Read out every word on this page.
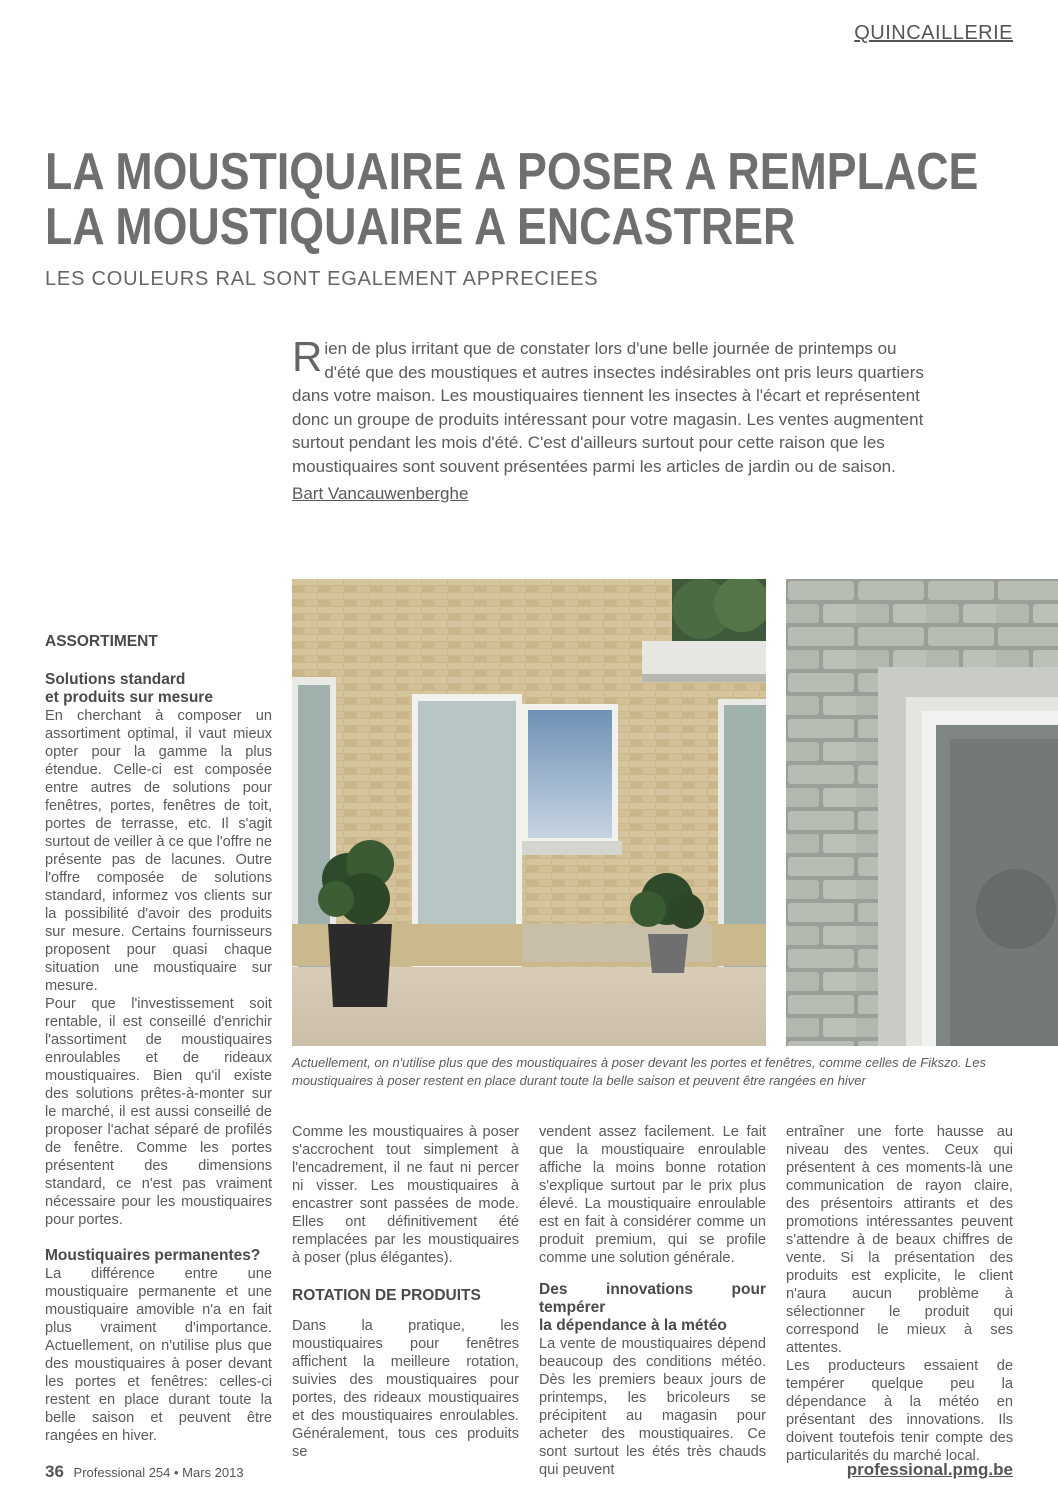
QUINCAILLERIE
LA MOUSTIQUAIRE A POSER A REMPLACE
LA MOUSTIQUAIRE A ENCASTRER
LES COULEURS RAL SONT EGALEMENT APPRECIEES
Rien de plus irritant que de constater lors d'une belle journée de printemps ou d'été que des moustiques et autres insectes indésirables ont pris leurs quartiers dans votre maison. Les moustiquaires tiennent les insectes à l'écart et représentent donc un groupe de produits intéressant pour votre magasin. Les ventes augmentent surtout pendant les mois d'été. C'est d'ailleurs surtout pour cette raison que les moustiquaires sont souvent présentées parmi les articles de jardin ou de saison.
Bart Vancauwenberghe
Actuellement, on n'utilise plus que des moustiquaires à poser devant les portes et fenêtres, comme celles de Fikszo. Les moustiquaires à poser restent en place durant toute la belle saison et peuvent être rangées en hiver
ASSORTIMENT
Solutions standard
et produits sur mesure

En cherchant à composer un assortiment optimal, il vaut mieux opter pour la gamme la plus étendue. Celle-ci est composée entre autres de solutions pour fenêtres, portes, fenêtres de toit, portes de terrasse, etc. Il s'agit surtout de veiller à ce que l'offre ne présente pas de lacunes. Outre l'offre composée de solutions standard, informez vos clients sur la possibilité d'avoir des produits sur mesure. Certains fournisseurs proposent pour quasi chaque situation une moustiquaire sur mesure.

Pour que l'investissement soit rentable, il est conseillé d'enrichir l'assortiment de moustiquaires enroulables et de rideaux moustiquaires. Bien qu'il existe des solutions prêtes-à-monter sur le marché, il est aussi conseillé de proposer l'achat séparé de profilés de fenêtre. Comme les portes présentent des dimensions standard, ce n'est pas vraiment nécessaire pour les moustiquaires pour portes.

Moustiquaires permanentes?

La différence entre une moustiquaire permanente et une moustiquaire amovible n'a en fait plus vraiment d'importance. Actuellement, on n'utilise plus que des moustiquaires à poser devant les portes et fenêtres: celles-ci restent en place durant toute la belle saison et peuvent être rangées en hiver.

Comme les moustiquaires à poser s'accrochent tout simplement à l'encadrement, il ne faut ni percer ni visser. Les moustiquaires à encastrer sont passées de mode. Elles ont définitivement été remplacées par les moustiquaires à poser (plus élégantes).

ROTATION DE PRODUITS

Dans la pratique, les moustiquaires pour fenêtres affichent la meilleure rotation, suivies des moustiquaires pour portes, des rideaux moustiquaires et des moustiquaires enroulables. Généralement, tous ces produits se

vendent assez facilement. Le fait que la moustiquaire enroulable affiche la moins bonne rotation s'explique surtout par le prix plus élevé. La moustiquaire enroulable est en fait à considérer comme un produit premium, qui se profile comme une solution générale.

Des innovations pour tempérer
la dépendance à la météo

La vente de moustiquaires dépend beaucoup des conditions météo. Dès les premiers beaux jours de printemps, les bricoleurs se précipitent au magasin pour acheter des moustiquaires. Ce sont surtout les étés très chauds qui peuvent

entraîner une forte hausse au niveau des ventes. Ceux qui présentent à ces moments-là une communication de rayon claire, des présentoirs attirants et des promotions intéressantes peuvent s'attendre à de beaux chiffres de vente. Si la présentation des produits est explicite, le client n'aura aucun problème à sélectionner le produit qui correspond le mieux à ses attentes.

Les producteurs essaient de tempérer quelque peu la dépendance à la météo en présentant des innovations. Ils doivent toutefois tenir compte des particularités du marché local.

36 Professional 254 • Mars 2013	professional.pmg.be
